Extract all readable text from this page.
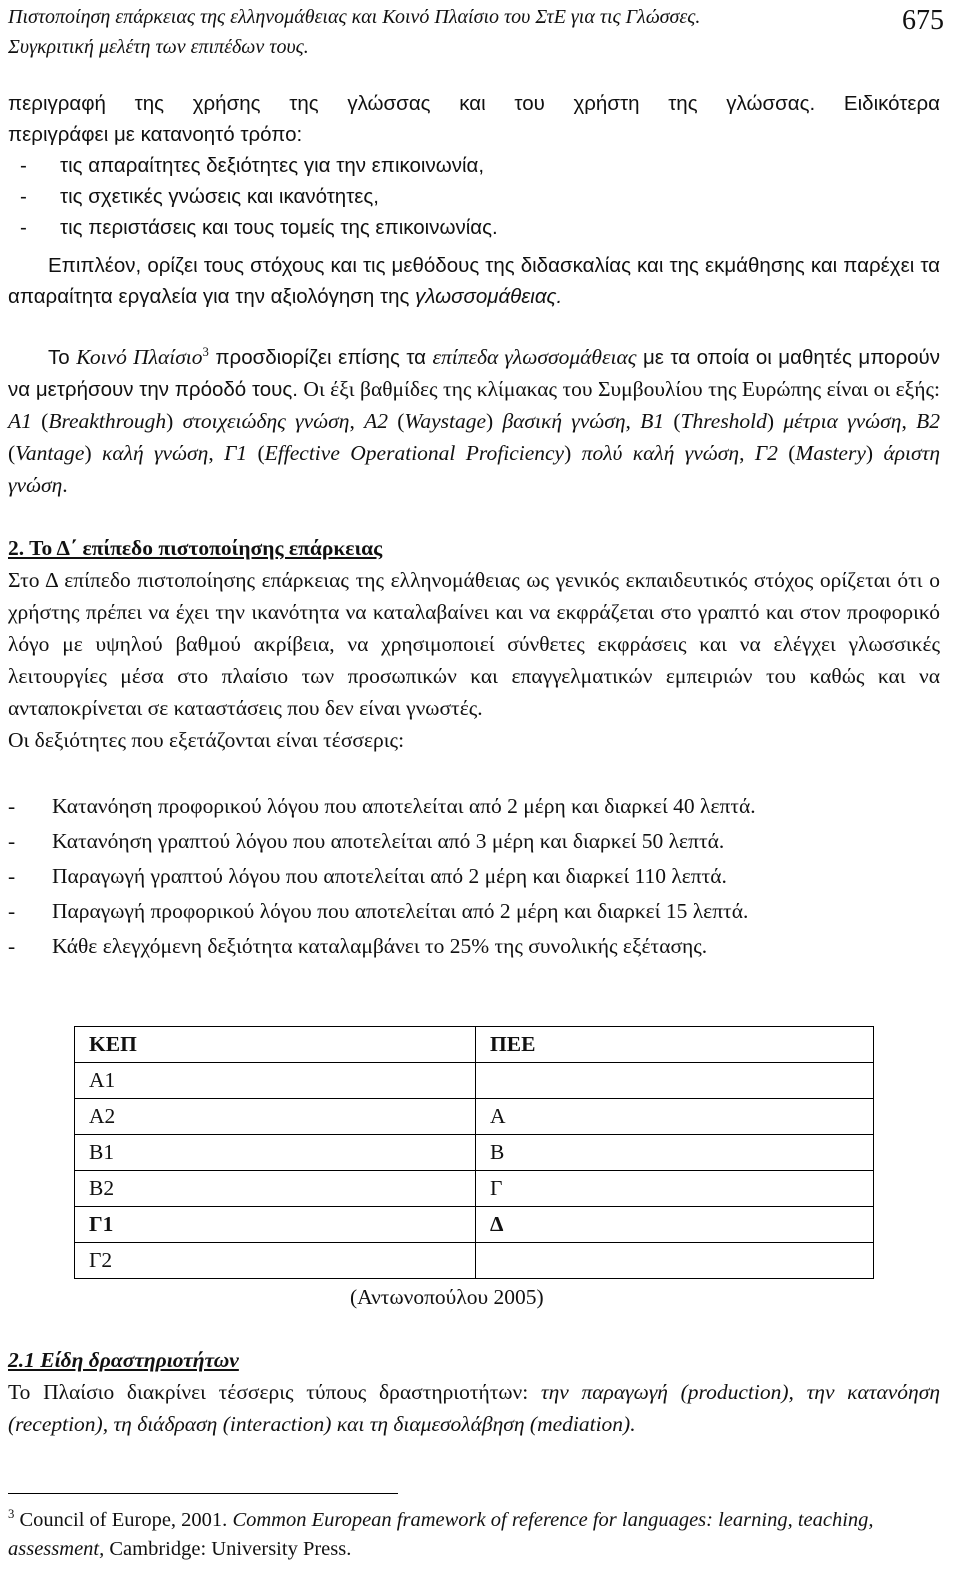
Πιστοποίηση επάρκειας της ελληνομάθειας και Κοινό Πλαίσιο του ΣτΕ για τις Γλώσσες.
Συγκριτική μελέτη των επιπέδων τους.
675
περιγραφή της χρήσης της γλώσσας και του χρήστη της γλώσσας. Ειδικότερα
περιγράφει με κατανοητό τρόπο:
-	τις απαραίτητες δεξιότητες για την επικοινωνία,
-	τις σχετικές γνώσεις και ικανότητες,
-	τις περιστάσεις και τους τομείς της επικοινωνίας.
Επιπλέον, ορίζει τους στόχους και τις μεθόδους της διδασκαλίας και της εκμάθησης και παρέχει τα απαραίτητα εργαλεία για την αξιολόγηση της γλωσσομάθειας.
Το Κοινό Πλαίσιο$^3$ προσδιορίζει επίσης τα επίπεδα γλωσσομάθειας με τα οποία οι μαθητές μπορούν να μετρήσουν την πρόοδό τους. Οι έξι βαθμίδες της κλίμακας του Συμβουλίου της Ευρώπης είναι οι εξής: A1 (Breakthrough) στοιχειώδης γνώση, A2 (Waystage) βασική γνώση, B1 (Threshold) μέτρια γνώση, B2 (Vantage) καλή γνώση, Γ1 (Effective Operational Proficiency) πολύ καλή γνώση, Γ2 (Mastery) άριστη γνώση.
2. Το Δ΄ επίπεδο πιστοποίησης επάρκειας
Στο Δ επίπεδο πιστοποίησης επάρκειας της ελληνομάθειας ως γενικός εκπαιδευτικός στόχος ορίζεται ότι ο χρήστης πρέπει να έχει την ικανότητα να καταλαβαίνει και να εκφράζεται στο γραπτό και στον προφορικό λόγο με υψηλού βαθμού ακρίβεια, να χρησιμοποιεί σύνθετες εκφράσεις και να ελέγχει γλωσσικές λειτουργίες μέσα στο πλαίσιο των προσωπικών και επαγγελματικών εμπειριών του καθώς και να ανταποκρίνεται σε καταστάσεις που δεν είναι γνωστές.
Οι δεξιότητες που εξετάζονται είναι τέσσερις:
-	Κατανόηση προφορικού λόγου που αποτελείται από 2 μέρη και διαρκεί 40 λεπτά.
-	Κατανόηση γραπτού λόγου που αποτελείται από 3 μέρη και διαρκεί 50 λεπτά.
-	Παραγωγή γραπτού λόγου που αποτελείται από 2 μέρη και διαρκεί 110 λεπτά.
-	Παραγωγή προφορικού λόγου που αποτελείται από 2 μέρη και διαρκεί 15 λεπτά.
-	Κάθε ελεγχόμενη δεξιότητα καταλαμβάνει το 25% της συνολικής εξέτασης.
ΚΕΠ	ΠΕΕ
A1	
A2	A
B1	B
B2	Γ
Γ1	Δ
Γ2	
(Αντωνοπούλου 2005)
2.1 Είδη δραστηριοτήτων
Το Πλαίσιο διακρίνει τέσσερις τύπους δραστηριοτήτων: την παραγωγή (production), την κατανόηση (reception), τη διάδραση (interaction) και τη διαμεσολάβηση (mediation).
$^3$ Council of Europe, 2001. Common European framework of reference for languages: learning, teaching, assessment, Cambridge: University Press.
